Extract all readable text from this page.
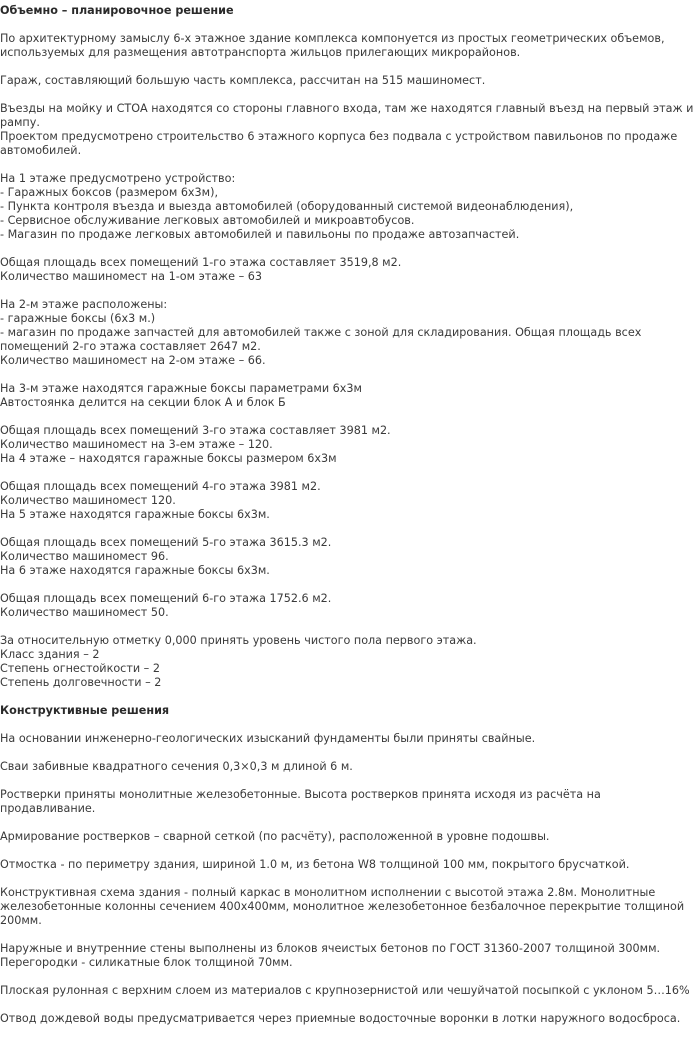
Объемно – планировочное решение

По архитектурному замыслу 6-х этажное здание комплекса компонуется из простых геометрических объемов, используемых для размещения автотранспорта жильцов прилегающих микрорайонов.

Гараж, составляющий большую часть комплекса, рассчитан на 515 машиномест.

Въезды на мойку и СТОА находятся со стороны главного входа, там же находятся главный въезд на первый этаж и рампу.
Проектом предусмотрено строительство 6 этажного корпуса без подвала с устройством павильонов по продаже автомобилей.

На 1 этаже предусмотрено устройство:
- Гаражных боксов (размером 6х3м),
- Пункта контроля въезда и выезда автомобилей (оборудованный системой видеонаблюдения),
- Сервисное обслуживание легковых автомобилей и микроавтобусов.
- Магазин по продаже легковых автомобилей и павильоны по продаже автозапчастей.

Общая площадь всех помещений 1-го этажа составляет 3519,8 м2.
Количество машиномест на 1-ом этаже – 63

На 2-м этаже расположены:
- гаражные боксы (6х3 м.)
- магазин по продаже запчастей для автомобилей также с зоной для складирования. Общая площадь всех помещений 2-го этажа составляет 2647 м2.
Количество машиномест на 2-ом этаже – 66.

На 3-м этаже находятся гаражные боксы параметрами 6х3м
Автостоянка делится на секции блок А и блок Б

Общая площадь всех помещений 3-го этажа составляет 3981 м2.
Количество машиномест на 3-ем этаже – 120.
На 4 этаже – находятся гаражные боксы размером 6х3м

Общая площадь всех помещений 4-го этажа 3981 м2.
Количество машиномест 120.
На 5 этаже находятся гаражные боксы 6х3м.

Общая площадь всех помещений 5-го этажа 3615.3 м2.
Количество машиномест 96.
На 6 этаже находятся гаражные боксы 6х3м.

Общая площадь всех помещений 6-го этажа 1752.6 м2.
Количество машиномест 50.

За относительную отметку 0,000 принять уровень чистого пола первого этажа.
Класс здания – 2
Степень огнестойкости – 2
Степень долговечности – 2

Конструктивные решения

На основании инженерно-геологических изысканий фундаменты были приняты свайные.

Сваи забивные квадратного сечения 0,3×0,3 м длиной 6 м.

Ростверки приняты монолитные железобетонные. Высота ростверков принята исходя из расчёта на продавливание.

Армирование ростверков – сварной сеткой (по расчёту), расположенной в уровне подошвы.

Отмостка - по периметру здания, шириной 1.0 м, из бетона W8 толщиной 100 мм, покрытого брусчаткой.

Конструктивная схема здания - полный каркас в монолитном исполнении с высотой этажа 2.8м. Монолитные железобетонные колонны сечением 400х400мм, монолитное железобетонное безбалочное перекрытие толщиной 200мм.

Наружные и внутренние стены выполнены из блоков ячеистых бетонов по ГОСТ 31360-2007 толщиной 300мм.
Перегородки - силикатные блок толщиной 70мм.

Плоская рулонная с верхним слоем из материалов с крупнозернистой или чешуйчатой посыпкой с уклоном 5…16%

Отвод дождевой воды предусматривается через приемные водосточные воронки в лотки наружного водосброса.
